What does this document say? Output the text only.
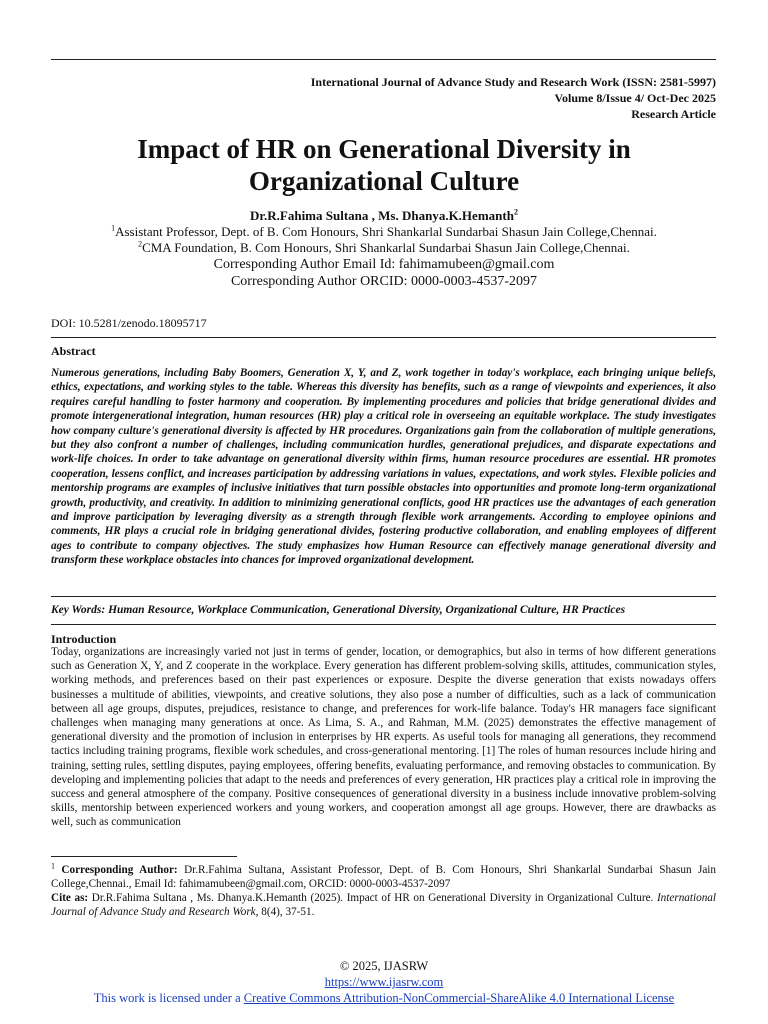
International Journal of Advance Study and Research Work (ISSN: 2581-5997)
Volume 8/Issue 4/ Oct-Dec 2025
Research Article
Impact of HR on Generational Diversity in
Organizational Culture
Dr.R.Fahima Sultana , Ms. Dhanya.K.Hemanth$^2$
$^1$Assistant Professor, Dept. of B. Com Honours, Shri Shankarlal Sundarbai Shasun Jain College,Chennai.
$^2$CMA Foundation, B. Com Honours, Shri Shankarlal Sundarbai Shasun Jain College,Chennai.
Corresponding Author Email Id: fahimamubeen@gmail.com
Corresponding Author ORCID: 0000-0003-4537-2097
DOI: 10.5281/zenodo.18095717
Abstract

Numerous generations, including Baby Boomers, Generation X, Y, and Z, work together in today's workplace, each bringing unique beliefs, ethics, expectations, and working styles to the table. Whereas this diversity has benefits, such as a range of viewpoints and experiences, it also requires careful handling to foster harmony and cooperation. By implementing procedures and policies that bridge generational divides and promote intergenerational integration, human resources (HR) play a critical role in overseeing an equitable workplace. The study investigates how company culture's generational diversity is affected by HR procedures. Organizations gain from the collaboration of multiple generations, but they also confront a number of challenges, including communication hurdles, generational prejudices, and disparate expectations and work-life choices. In order to take advantage on generational diversity within firms, human resource procedures are essential. HR promotes cooperation, lessens conflict, and increases participation by addressing variations in values, expectations, and work styles. Flexible policies and mentorship programs are examples of inclusive initiatives that turn possible obstacles into opportunities and promote long-term organizational growth, productivity, and creativity. In addition to minimizing generational conflicts, good HR practices use the advantages of each generation and improve participation by leveraging diversity as a strength through flexible work arrangements. According to employee opinions and comments, HR plays a crucial role in bridging generational divides, fostering productive collaboration, and enabling employees of different ages to contribute to company objectives. The study emphasizes how Human Resource can effectively manage generational diversity and transform these workplace obstacles into chances for improved organizational development.

Key Words: Human Resource, Workplace Communication, Generational Diversity, Organizational Culture, HR Practices
Introduction

Today, organizations are increasingly varied not just in terms of gender, location, or demographics, but also in terms of how different generations such as Generation X, Y, and Z cooperate in the workplace. Every generation has different problem-solving skills, attitudes, communication styles, working methods, and preferences based on their past experiences or exposure. Despite the diverse generation that exists nowadays offers businesses a multitude of abilities, viewpoints, and creative solutions, they also pose a number of difficulties, such as a lack of communication between all age groups, disputes, prejudices, resistance to change, and preferences for work-life balance. Today's HR managers face significant challenges when managing many generations at once. As Lima, S. A., and Rahman, M.M. (2025) demonstrates the effective management of generational diversity and the promotion of inclusion in enterprises by HR experts. As useful tools for managing all generations, they recommend tactics including training programs, flexible work schedules, and cross-generational mentoring. [1] The roles of human resources include hiring and training, setting rules, settling disputes, paying employees, offering benefits, evaluating performance, and removing obstacles to communication. By developing and implementing policies that adapt to the needs and preferences of every generation, HR practices play a critical role in improving the success and general atmosphere of the company. Positive consequences of generational diversity in a business include innovative problem-solving skills, mentorship between experienced workers and young workers, and cooperation amongst all age groups. However, there are drawbacks as well, such as communication

$^1$ Corresponding Author: Dr.R.Fahima Sultana, Assistant Professor, Dept. of B. Com Honours, Shri Shankarlal Sundarbai Shasun Jain College,Chennai., Email Id: fahimamubeen@gmail.com, ORCID: 0000-0003-4537-2097
Cite as: Dr.R.Fahima Sultana , Ms. Dhanya.K.Hemanth (2025). Impact of HR on Generational Diversity in Organizational Culture. International Journal of Advance Study and Research Work, 8(4), 37-51.
© 2025, IJASRW
https://www.ijasrw.com
This work is licensed under a Creative Commons Attribution-NonCommercial-ShareAlike 4.0 International License
